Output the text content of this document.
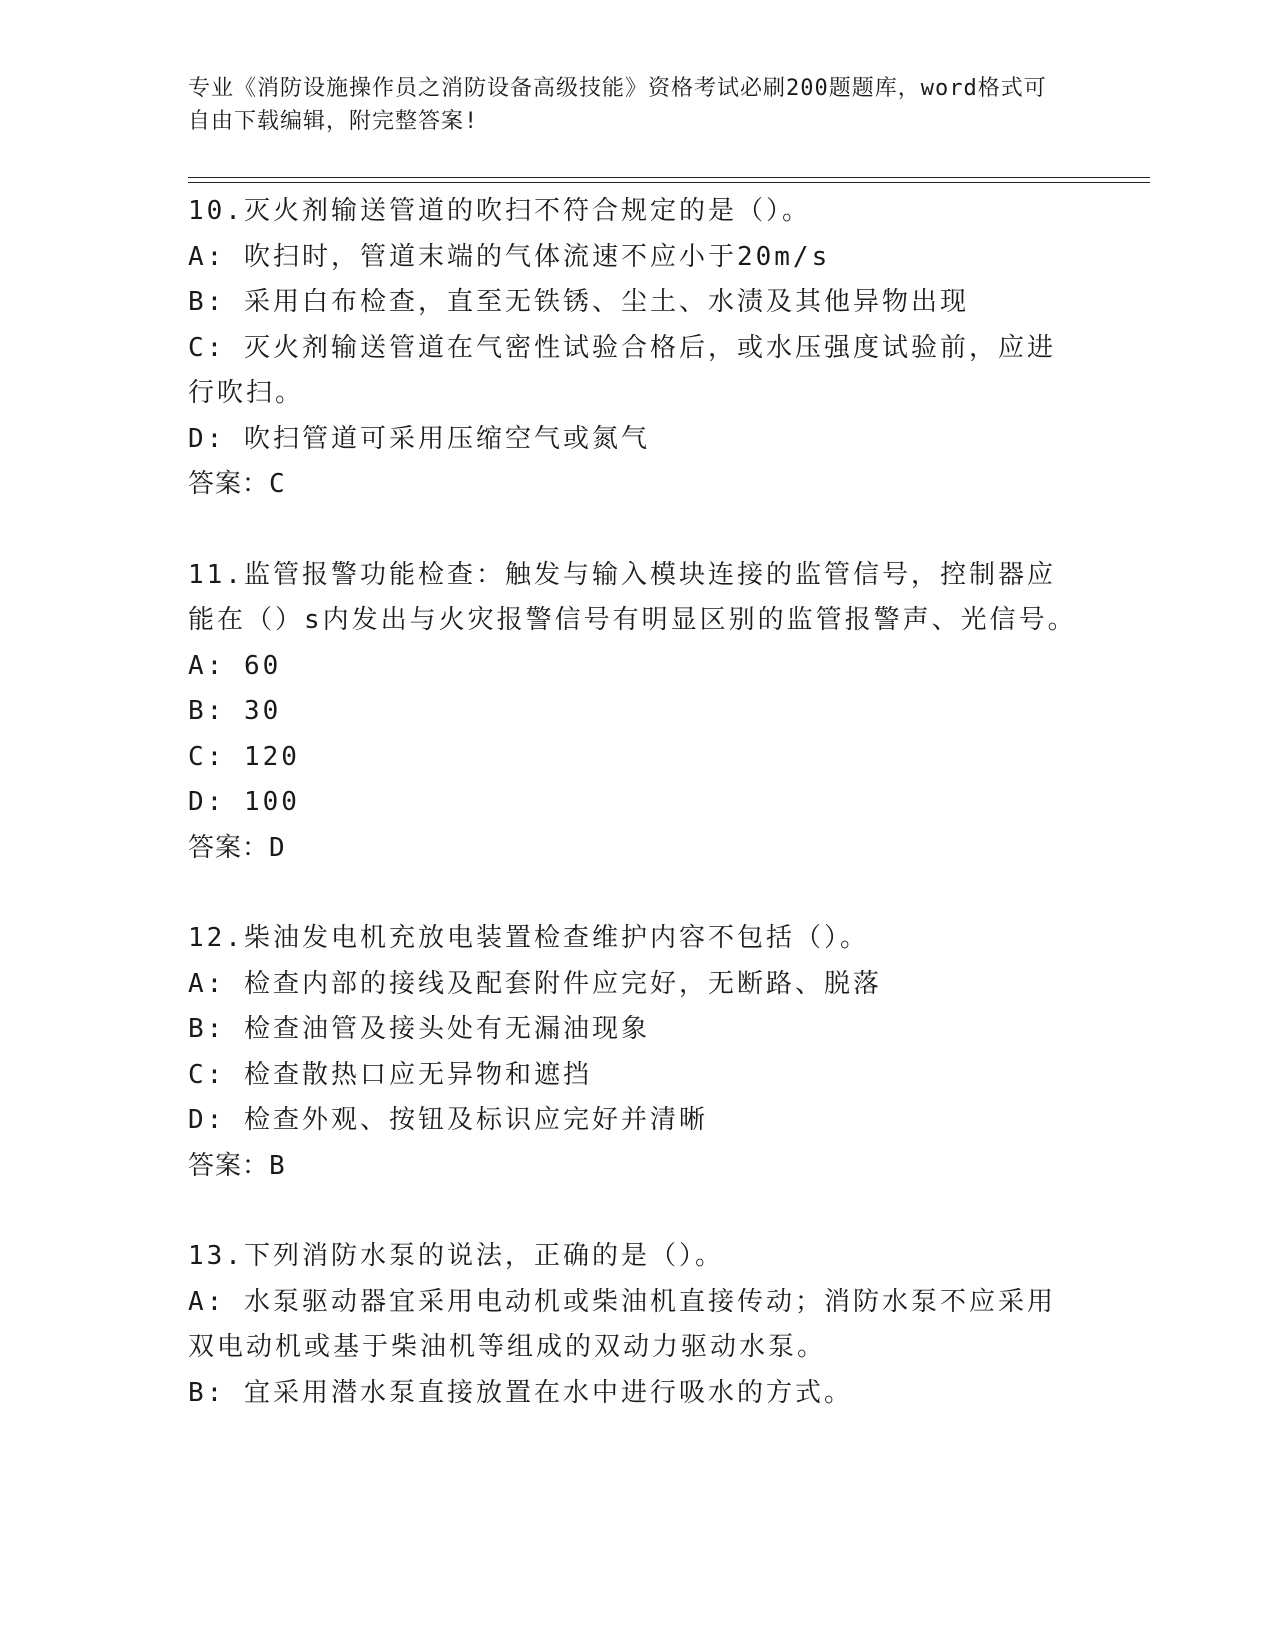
专业《消防设施操作员之消防设备高级技能》资格考试必刷200题题库，word格式可自由下载编辑，附完整答案!

10.灭火剂输送管道的吹扫不符合规定的是（）。

A: 吹扫时，管道末端的气体流速不应小于20m/s

B: 采用白布检查，直至无铁锈、尘土、水渍及其他异物出现

C: 灭火剂输送管道在气密性试验合格后，或水压强度试验前，应进行吹扫。

D: 吹扫管道可采用压缩空气或氮气

答案：C

11.监管报警功能检查：触发与输入模块连接的监管信号，控制器应能在（）s内发出与火灾报警信号有明显区别的监管报警声、光信号。

A: 60

B: 30

C: 120

D: 100

答案：D

12.柴油发电机充放电装置检查维护内容不包括（）。

A: 检查内部的接线及配套附件应完好，无断路、脱落

B: 检查油管及接头处有无漏油现象

C: 检查散热口应无异物和遮挡

D: 检查外观、按钮及标识应完好并清晰

答案：B

13.下列消防水泵的说法，正确的是（）。

A: 水泵驱动器宜采用电动机或柴油机直接传动；消防水泵不应采用双电动机或基于柴油机等组成的双动力驱动水泵。

B: 宜采用潜水泵直接放置在水中进行吸水的方式。
